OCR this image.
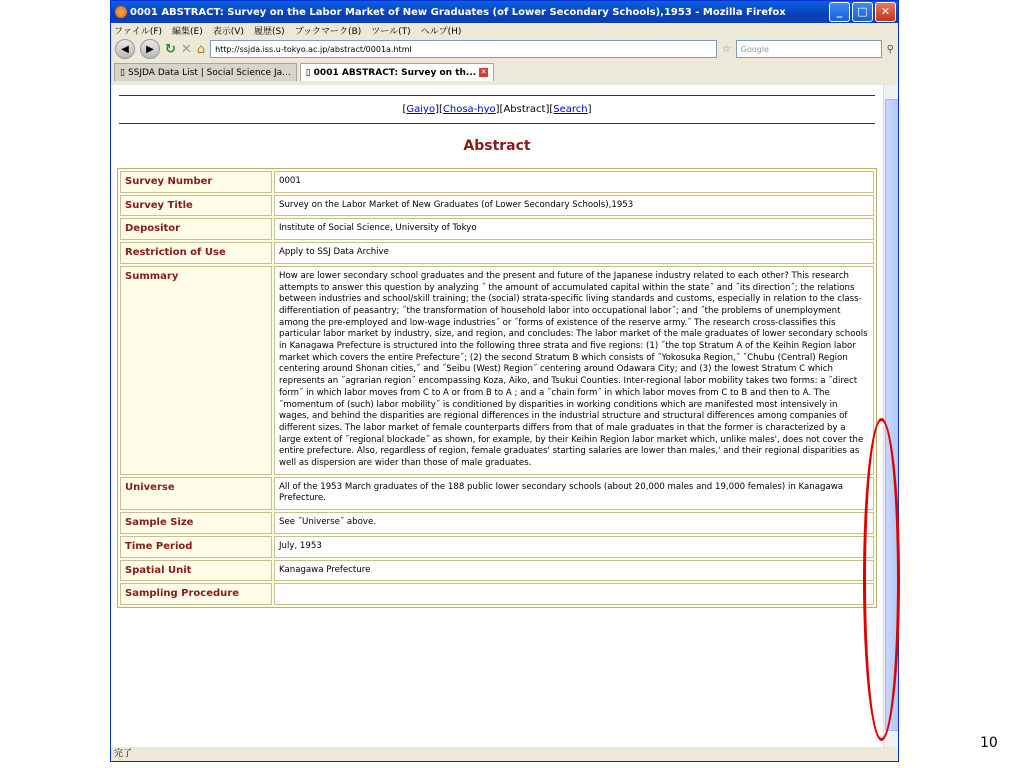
0001 ABSTRACT: Survey on the Labor Market of New Graduates (of Lower Secondary Schools),1953 - Mozilla Firefox	_	□	✕
ファイル(F) 編集(E) 表示(V) 履歴(S) ブックマーク(B) ツール(T) ヘルプ(H)
◀	▶ ↻ ✕ ⌂ http://ssjda.iss.u-tokyo.ac.jp/abstract/0001a.html	☆ Google	⚲
▯ SSJDA Data List | Social Science Ja... ▯ 0001 ABSTRACT: Survey on th... ✕
[Gaiyo][Chosa-hyo][Abstract][Search]
Abstract
Survey Number	0001
Survey Title	Survey on the Labor Market of New Graduates (of Lower Secondary Schools),1953
Depositor	Institute of Social Science, University of Tokyo
Restriction of Use	Apply to SSJ Data Archive
Summary	How are lower secondary school graduates and the present and future of the Japanese industry related to each other? This research attempts to answer this question by analyzing ˝ the amount of accumulated capital within the state˝ and ˝its direction˝; the relations between industries and school/skill training; the (social) strata-specific living standards and customs, especially in relation to the class-differentiation of peasantry; ˝the transformation of household labor into occupational labor˝; and ˝the problems of unemployment among the pre-employed and low-wage industries˝ or ˝forms of existence of the reserve army.˝ The research cross-classifies this particular labor market by industry, size, and region, and concludes: The labor market of the male graduates of lower secondary schools in Kanagawa Prefecture is structured into the following three strata and five regions: (1) ˝the top Stratum A of the Keihin Region labor market which covers the entire Prefecture˝; (2) the second Stratum B which consists of ˝Yokosuka Region,˝ ˝Chubu (Central) Region centering around Shonan cities,˝ and ˝Seibu (West) Region˝ centering around Odawara City; and (3) the lowest Stratum C which represents an ˝agrarian region˝ encompassing Koza, Aiko, and Tsukui Counties. Inter-regional labor mobility takes two forms: a ˝direct form˝ in which labor moves from C to A or from B to A ; and a ˝chain form˝ in which labor moves from C to B and then to A. The ˝momentum of (such) labor mobility˝ is conditioned by disparities in working conditions which are manifested most intensively in wages, and behind the disparities are regional differences in the industrial structure and structural differences among companies of different sizes. The labor market of female counterparts differs from that of male graduates in that the former is characterized by a large extent of ˝regional blockade˝ as shown, for example, by their Keihin Region labor market which, unlike males', does not cover the entire prefecture. Also, regardless of region, female graduates' starting salaries are lower than males,' and their regional disparities as well as dispersion are wider than those of male graduates.
Universe	All of the 1953 March graduates of the 188 public lower secondary schools (about 20,000 males and 19,000 females) in Kanagawa Prefecture.
Sample Size	See ˝Universe˝ above.
Time Period	July, 1953
Spatial Unit	Kanagawa Prefecture
Sampling Procedure	
完了
10
